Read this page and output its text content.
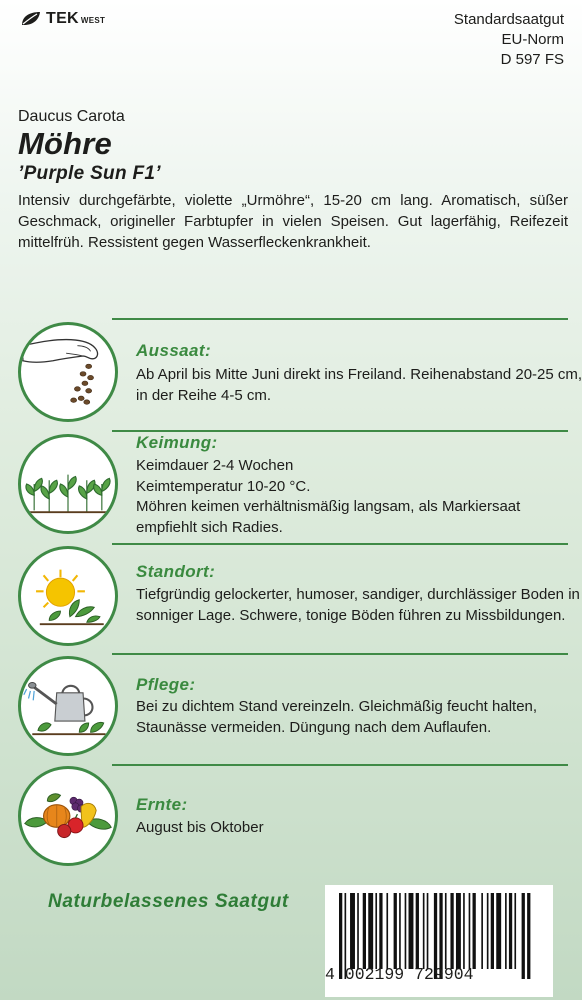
TEK WEST	Standardsaatgut
EU-Norm
D 597 FS
Daucus Carota
Möhre
’Purple Sun F1’
Intensiv durchgefärbte, violette „Urmöhre“, 15-20 cm lang. Aromatisch, süßer Geschmack, origineller Farbtupfer in vielen Speisen. Gut lagerfähig, Reifezeit mittelfrüh. Ressistent gegen Wasserfleckenkrankheit.
Aussaat:
Ab April bis Mitte Juni direkt ins Freiland. Reihenabstand 20-25 cm,
in der Reihe 4-5 cm.
Keimung:
Keimdauer 2-4 Wochen
Keimtemperatur 10-20 °C.
Möhren keimen verhältnismäßig langsam, als Markiersaat
empfiehlt sich Radies.
Standort:
Tiefgründig gelockerter, humoser, sandiger, durchlässiger Boden in
sonniger Lage. Schwere, tonige Böden führen zu Missbildungen.
Pflege:
Bei zu dichtem Stand vereinzeln. Gleichmäßig feucht halten,
Staunässe vermeiden. Düngung nach dem Auflaufen.
Ernte:
August bis Oktober
Naturbelassenes Saatgut
4 002199 729904
